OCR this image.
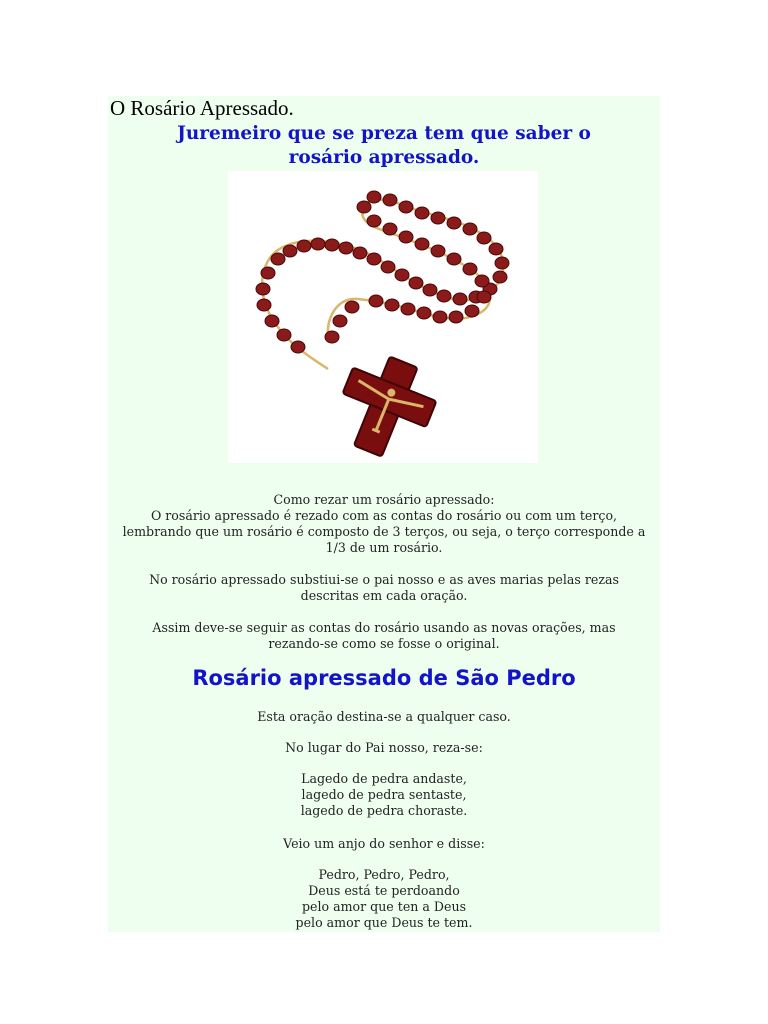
O Rosário Apressado.
Juremeiro que se preza tem que saber o
rosário apressado.
Como rezar um rosário apressado:
O rosário apressado é rezado com as contas do rosário ou com um terço,
lembrando que um rosário é composto de 3 terços, ou seja, o terço corresponde a
1/3 de um rosário.
No rosário apressado substiui-se o pai nosso e as aves marias pelas rezas
descritas em cada oração.
Assim deve-se seguir as contas do rosário usando as novas orações, mas
rezando-se como se fosse o original.
Rosário apressado de São Pedro
Esta oração destina-se a qualquer caso.
No lugar do Pai nosso, reza-se:
Lagedo de pedra andaste,
lagedo de pedra sentaste,
lagedo de pedra choraste.
Veio um anjo do senhor e disse:
Pedro, Pedro, Pedro,
Deus está te perdoando
pelo amor que ten a Deus
pelo amor que Deus te tem.
